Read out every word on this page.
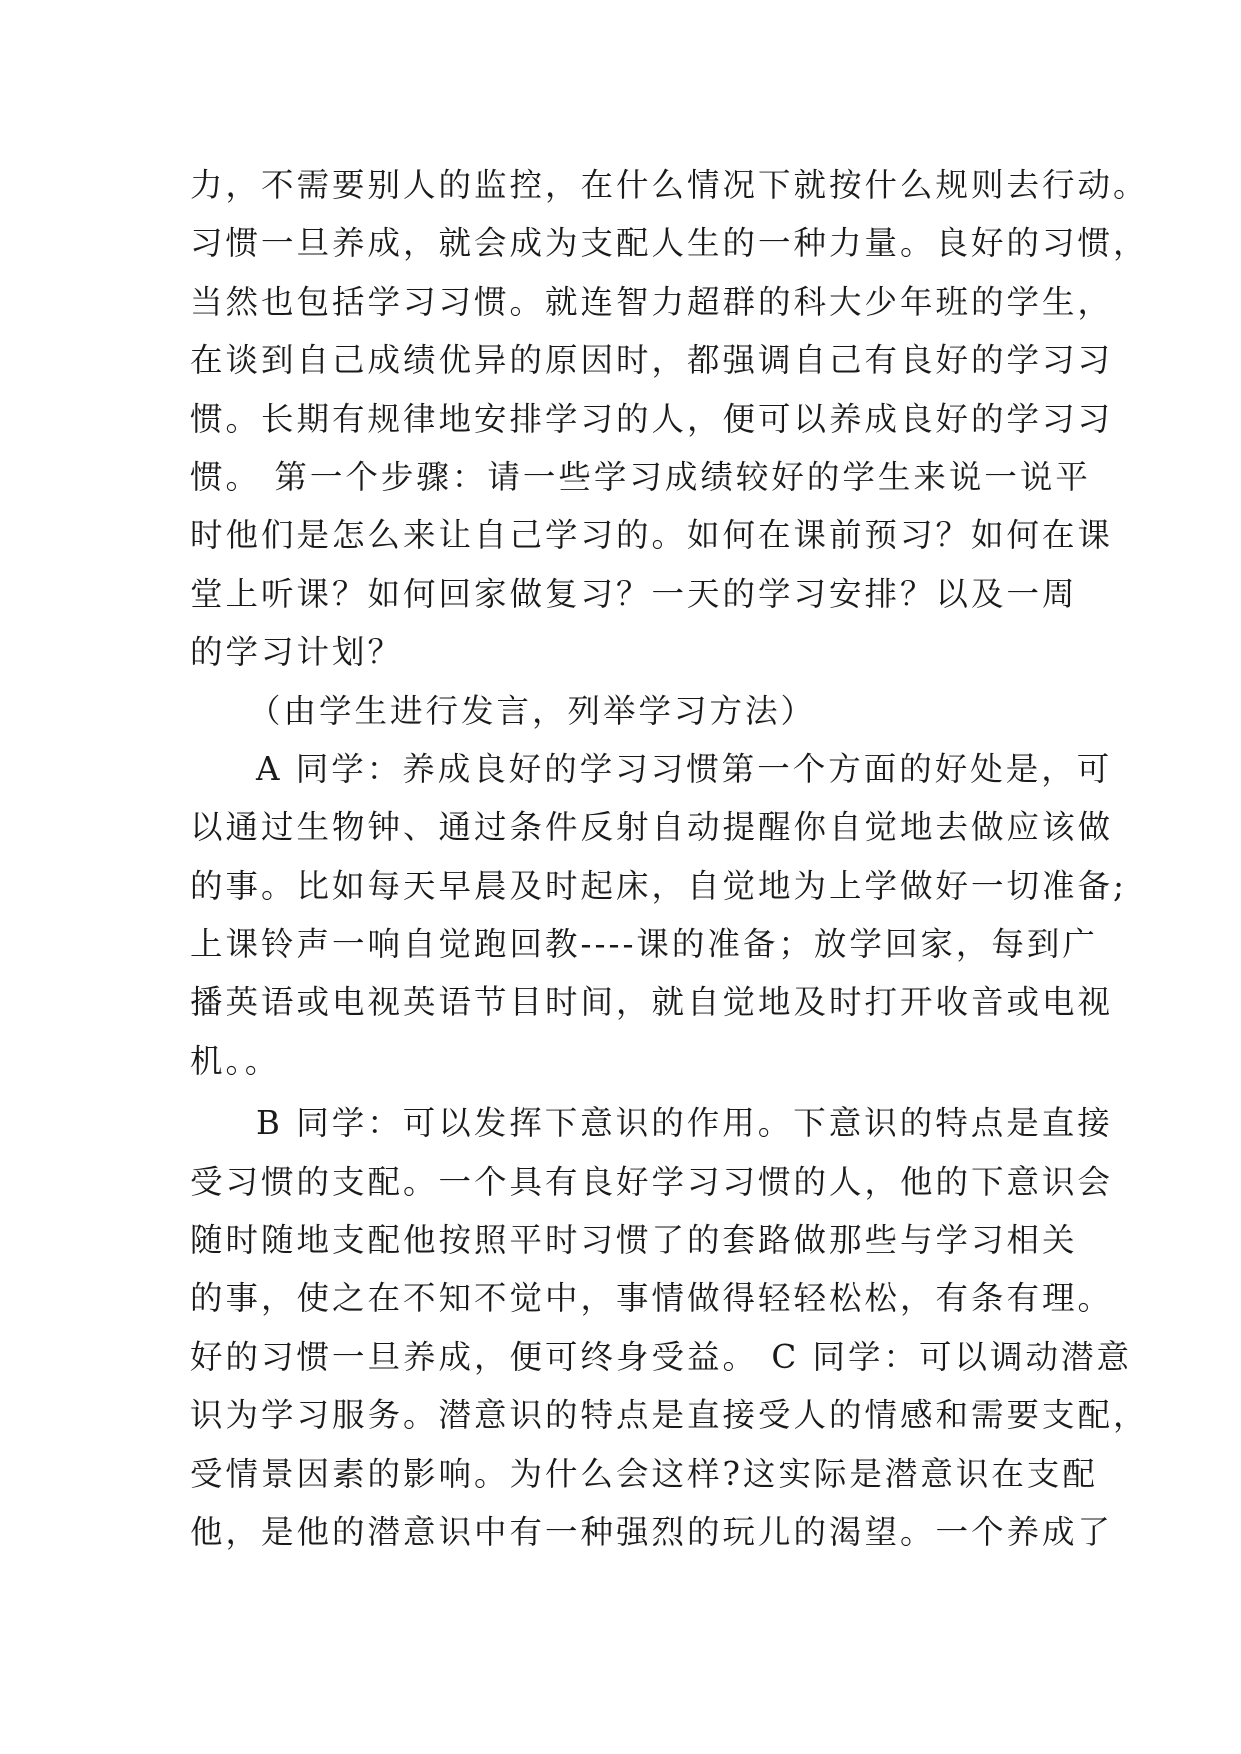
力，不需要别人的监控，在什么情况下就按什么规则去行动。
习惯一旦养成，就会成为支配人生的一种力量。良好的习惯，
当然也包括学习习惯。就连智力超群的科大少年班的学生，
在谈到自己成绩优异的原因时，都强调自己有良好的学习习
惯。长期有规律地安排学习的人，便可以养成良好的学习习
惯。 第一个步骤：请一些学习成绩较好的学生来说一说平
时他们是怎么来让自己学习的。如何在课前预习？如何在课
堂上听课？如何回家做复习？一天的学习安排？以及一周
的学习计划？
（由学生进行发言，列举学习方法）
A 同学：养成良好的学习习惯第一个方面的好处是，可
以通过生物钟、通过条件反射自动提醒你自觉地去做应该做
的事。比如每天早晨及时起床，自觉地为上学做好一切准备;
上课铃声一响自觉跑回教----课的准备；放学回家，每到广
播英语或电视英语节目时间，就自觉地及时打开收音或电视
机。。
B 同学：可以发挥下意识的作用。下意识的特点是直接
受习惯的支配。一个具有良好学习习惯的人，他的下意识会
随时随地支配他按照平时习惯了的套路做那些与学习相关
的事，使之在不知不觉中，事情做得轻轻松松，有条有理。
好的习惯一旦养成，便可终身受益。 C 同学：可以调动潜意
识为学习服务。潜意识的特点是直接受人的情感和需要支配，
受情景因素的影响。为什么会这样?这实际是潜意识在支配
他，是他的潜意识中有一种强烈的玩儿的渴望。一个养成了
